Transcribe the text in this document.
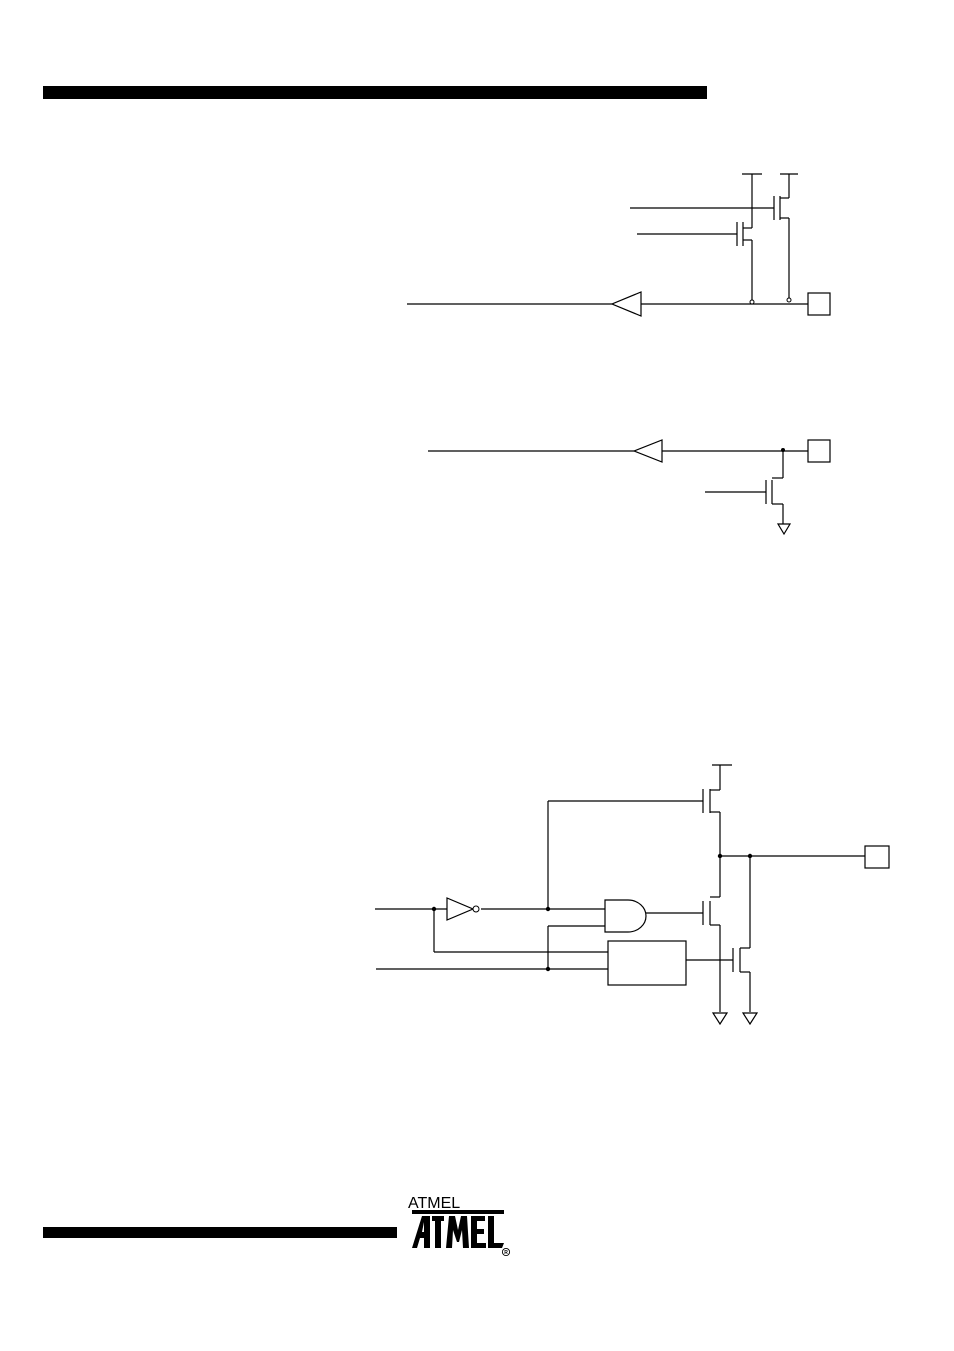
R
ATMEL
